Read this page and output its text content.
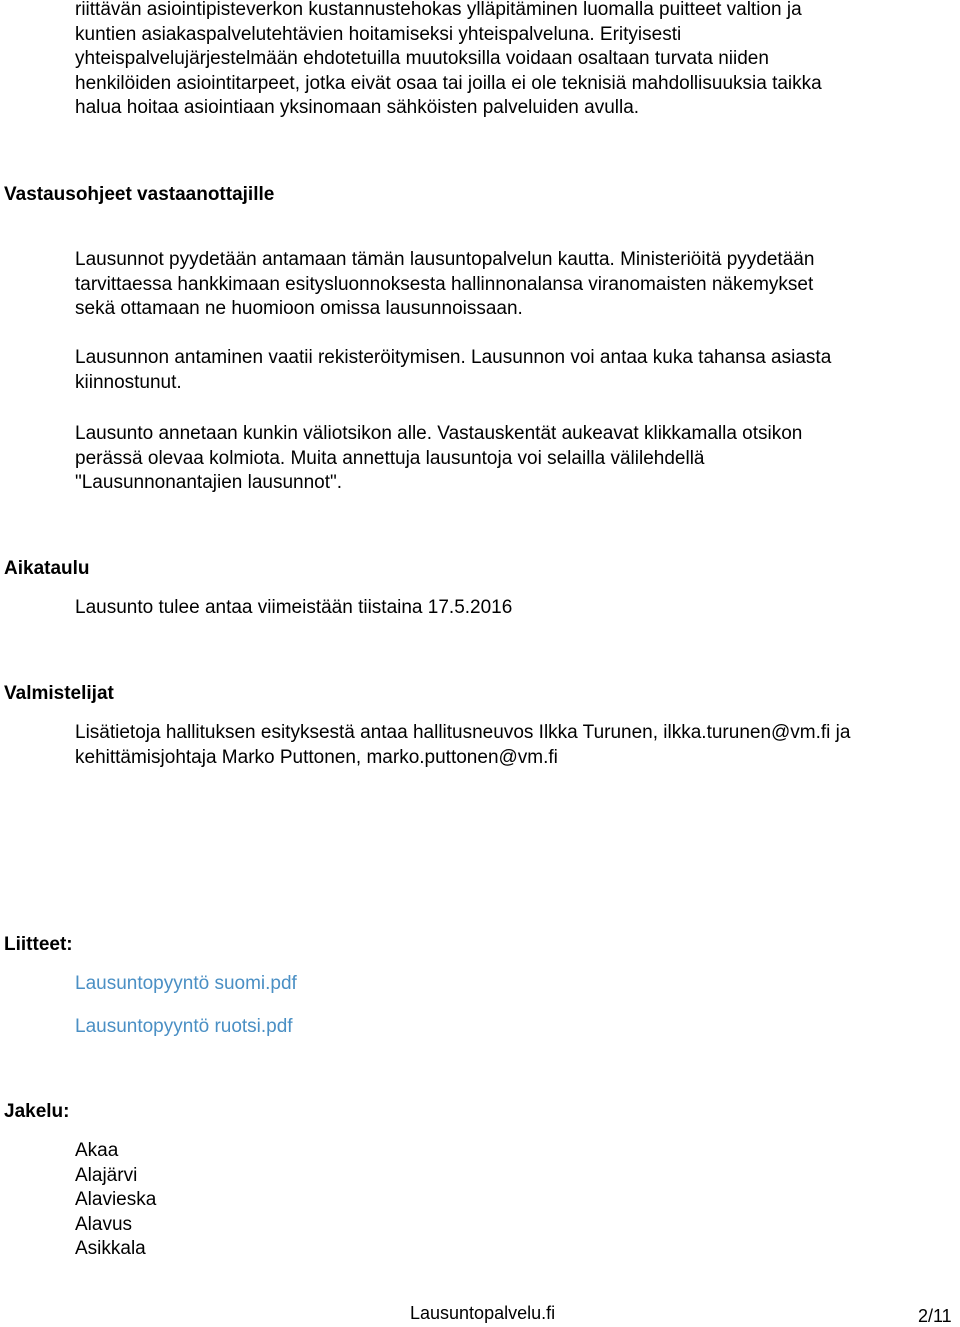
riittävän asiointipisteverkon kustannustehokas ylläpitäminen luomalla puitteet valtion ja
kuntien asiakaspalvelutehtävien hoitamiseksi yhteispalveluna. Erityisesti
yhteispalvelujärjestelmään ehdotetuilla muutoksilla voidaan osaltaan turvata niiden
henkilöiden asiointitarpeet, jotka eivät osaa tai joilla ei ole teknisiä mahdollisuuksia taikka
halua hoitaa asiointiaan yksinomaan sähköisten palveluiden avulla.
Vastausohjeet vastaanottajille

Lausunnot pyydetään antamaan tämän lausuntopalvelun kautta. Ministeriöitä pyydetään
tarvittaessa hankkimaan esitysluonnoksesta hallinnonalansa viranomaisten näkemykset
sekä ottamaan ne huomioon omissa lausunnoissaan.

Lausunnon antaminen vaatii rekisteröitymisen. Lausunnon voi antaa kuka tahansa asiasta
kiinnostunut.

Lausunto annetaan kunkin väliotsikon alle. Vastauskentät aukeavat klikkamalla otsikon
perässä olevaa kolmiota. Muita annettuja lausuntoja voi selailla välilehdellä
"Lausunnonantajien lausunnot".

Aikataulu

Lausunto tulee antaa viimeistään tiistaina 17.5.2016

Valmistelijat

Lisätietoja hallituksen esityksestä antaa hallitusneuvos Ilkka Turunen, ilkka.turunen@vm.fi ja
kehittämisjohtaja Marko Puttonen, marko.puttonen@vm.fi

Liitteet:
Lausuntopyyntö suomi.pdf
Lausuntopyyntö ruotsi.pdf
Jakelu:
Akaa
Alajärvi
Alavieska
Alavus
Asikkala
Lausuntopalvelu.fi	2/11
